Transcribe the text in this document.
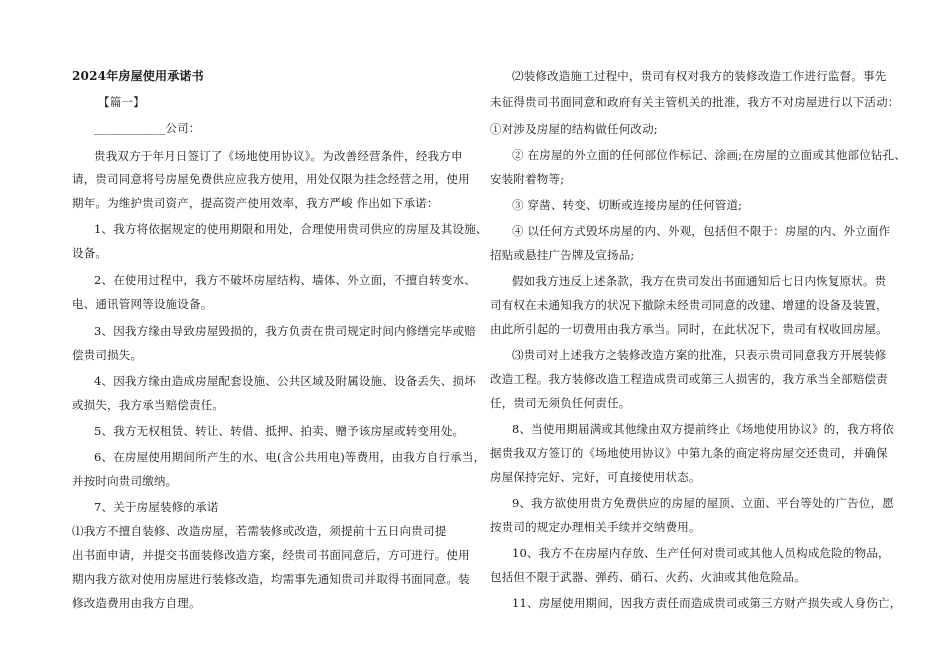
2024年房屋使用承诺书
【篇一】
____________公司：
贵我双方于年月日签订了《场地使用协议》。为改善经营条件，经我方申
请，贵司同意将号房屋免费供应应我方使用，用处仅限为挂念经营之用，使用
期年。为维护贵司资产，提高资产使用效率，我方严峻 作出如下承诺：
1、我方将依据规定的使用期限和用处，合理使用贵司供应的房屋及其设施、
设备。
2、在使用过程中，我方不破坏房屋结构、墙体、外立面，不擅自转变水、
电、通讯管网等设施设备。
3、因我方缘由导致房屋毁损的，我方负责在贵司规定时间内修缮完毕或赔
偿贵司损失。
4、因我方缘由造成房屋配套设施、公共区域及附属设施、设备丢失、损坏
或损失，我方承当赔偿责任。
5、我方无权租赁、转让、转借、抵押、拍卖、赠予该房屋或转变用处。
6、在房屋使用期间所产生的水、电(含公共用电)等费用，由我方自行承当，
并按时向贵司缴纳。
7、关于房屋装修的承诺
⑴我方不擅自装修、改造房屋，若需装修或改造，须提前十五日向贵司提
出书面申请，并提交书面装修改造方案，经贵司书面同意后，方可进行。使用
期内我方欲对使用房屋进行装修改造，均需事先通知贵司并取得书面同意。装
修改造费用由我方自理。
⑵装修改造施工过程中，贵司有权对我方的装修改造工作进行监督。事先
未征得贵司书面同意和政府有关主管机关的批准，我方不对房屋进行以下活动：
①对涉及房屋的结构做任何改动;
② 在房屋的外立面的任何部位作标记、涂画;在房屋的立面或其他部位钻孔、
安装附着物等;
③ 穿凿、转变、切断或连接房屋的任何管道;
④ 以任何方式毁坏房屋的内、外观，包括但不限于：房屋的内、外立面作
招贴或悬挂广告牌及宣扬品;
假如我方违反上述条款，我方在贵司发出书面通知后七日内恢复原状。贵
司有权在未通知我方的状况下撤除未经贵司同意的改建、增建的设备及装置，
由此所引起的一切费用由我方承当。同时，在此状况下，贵司有权收回房屋。
⑶贵司对上述我方之装修改造方案的批准，只表示贵司同意我方开展装修
改造工程。我方装修改造工程造成贵司或第三人损害的，我方承当全部赔偿责
任，贵司无须负任何责任。
8、当使用期届满或其他缘由双方提前终止《场地使用协议》的，我方将依
据贵我双方签订的《场地使用协议》中第九条的商定将房屋交还贵司，并确保
房屋保持完好、完好，可直接使用状态。
9、我方欲使用贵方免费供应的房屋的屋顶、立面、平台等处的广告位，愿
按贵司的规定办理相关手续并交纳费用。
10、我方不在房屋内存放、生产任何对贵司或其他人员构成危险的物品，
包括但不限于武器、弹药、硝石、火药、火油或其他危险品。
11、房屋使用期间，因我方责任而造成贵司或第三方财产损失或人身伤亡，
